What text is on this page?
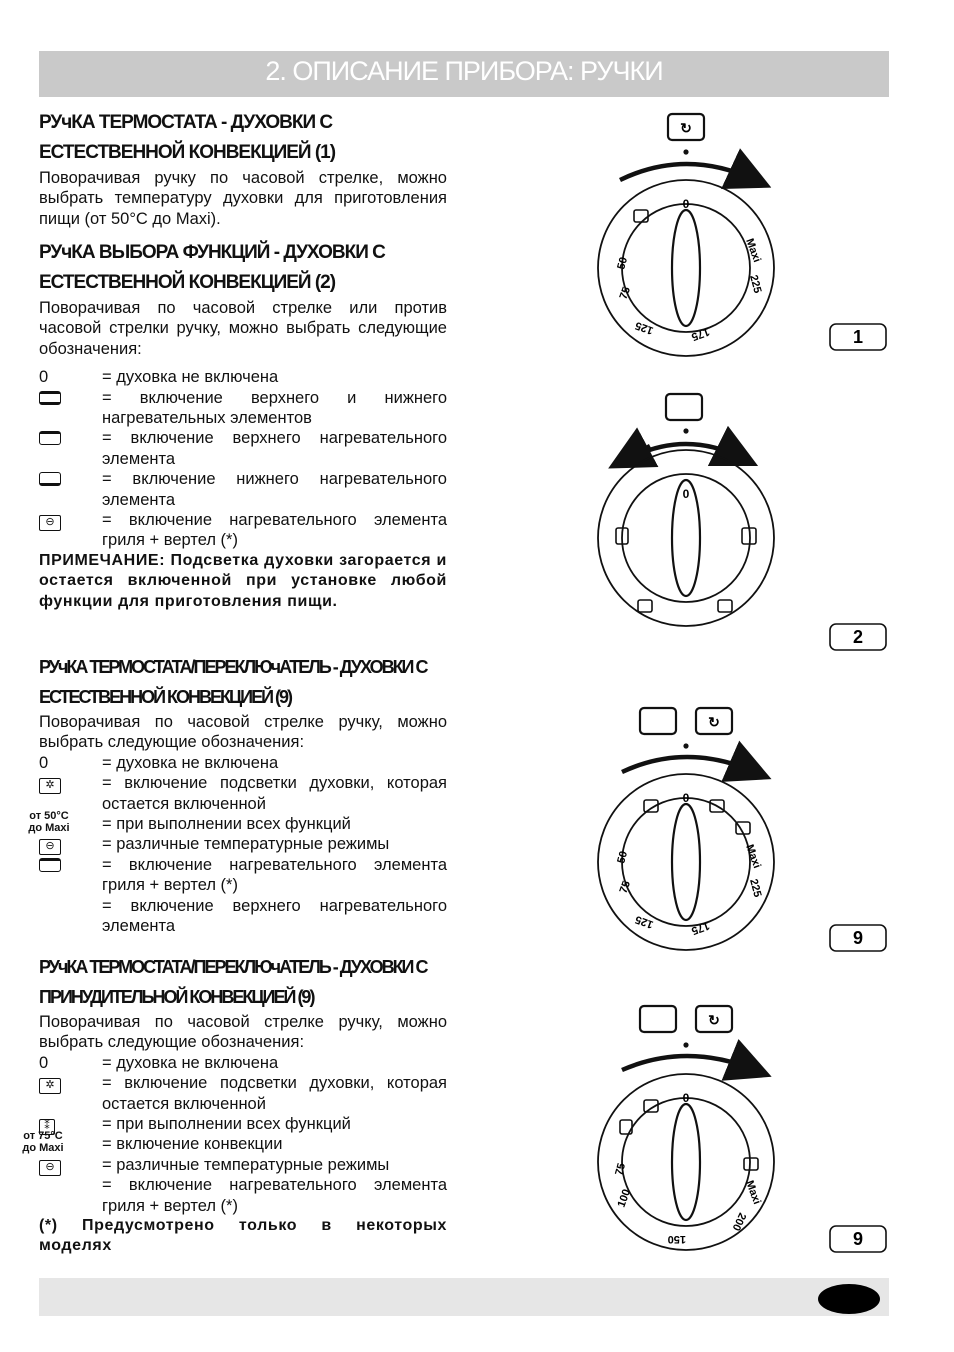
2. ОПИСАНИЕ ПРИБОРА: РУЧКИ

РУчКА ТЕРМОСТАТА - ДУХОВКИ С

ЕСТЕСТВЕННОЙ КОНВЕКЦИЕЙ (1)

Поворачивая ручку по часовой стрелке, можно выбрать температуру духовки для приготовления пищи (от 50°C до Maxi).

РУчКА ВЫБОРА ФУНКЦИЙ - ДУХОВКИ С

ЕСТЕСТВЕННОЙ КОНВЕКЦИЕЙ (2)

Поворачивая по часовой стрелке или против часовой стрелки ручку, можно выбрать следующие обозначения:

0	= духовка не включена
= включение верхнего и нижнего нагревательных элементов
= включение верхнего нагревательного элемента
= включение нижнего нагревательного элемента
⊖	= включение нагревательного элемента гриля + вертел (*)

ПРИМЕЧАНИЕ: Подсветка духовки загорается и остается включенной при установке любой функции для приготовления пищи.

РУчКА ТЕРМОСТАТА/ПЕРЕКЛЮчАТЕЛЬ - ДУХОВКИ С

ЕСТЕСТВЕННОЙ КОНВЕКЦИЕЙ (9)

Поворачивая по часовой стрелке ручку, можно выбрать следующие обозначения:

0	= духовка не включена
✲	= включение подсветки духовки, которая остается включенной
от 50°C
до Maxi = при выполнении всех функций
⊖	= различные температурные режимы
= включение нагревательного элемента гриля + вертел (*)
= включение верхнего нагревательного элемента

РУчКА ТЕРМОСТАТА/ПЕРЕКЛЮчАТЕЛЬ - ДУХОВКИ С

ПРИНУДИТЕЛЬНОЙ КОНВЕКЦИЕЙ (9)

Поворачивая по часовой стрелке ручку, можно выбрать следующие обозначения:

0	= духовка не включена
✲	= включение подсветки духовки, которая остается включенной
⁑	= при выполнении всех функций
от 75°C
до Maxi = включение конвекции
⊖	= различные температурные режимы
= включение нагревательного элемента гриля + вертел (*)

(*) Предусмотрено только в некоторых моделях

↻
0
50
75
125	175
Maxi
225
1
0
2
↻
0
50
75
125	175
Maxi
225
9
↻
0
75
100
150
Maxi
200
9
